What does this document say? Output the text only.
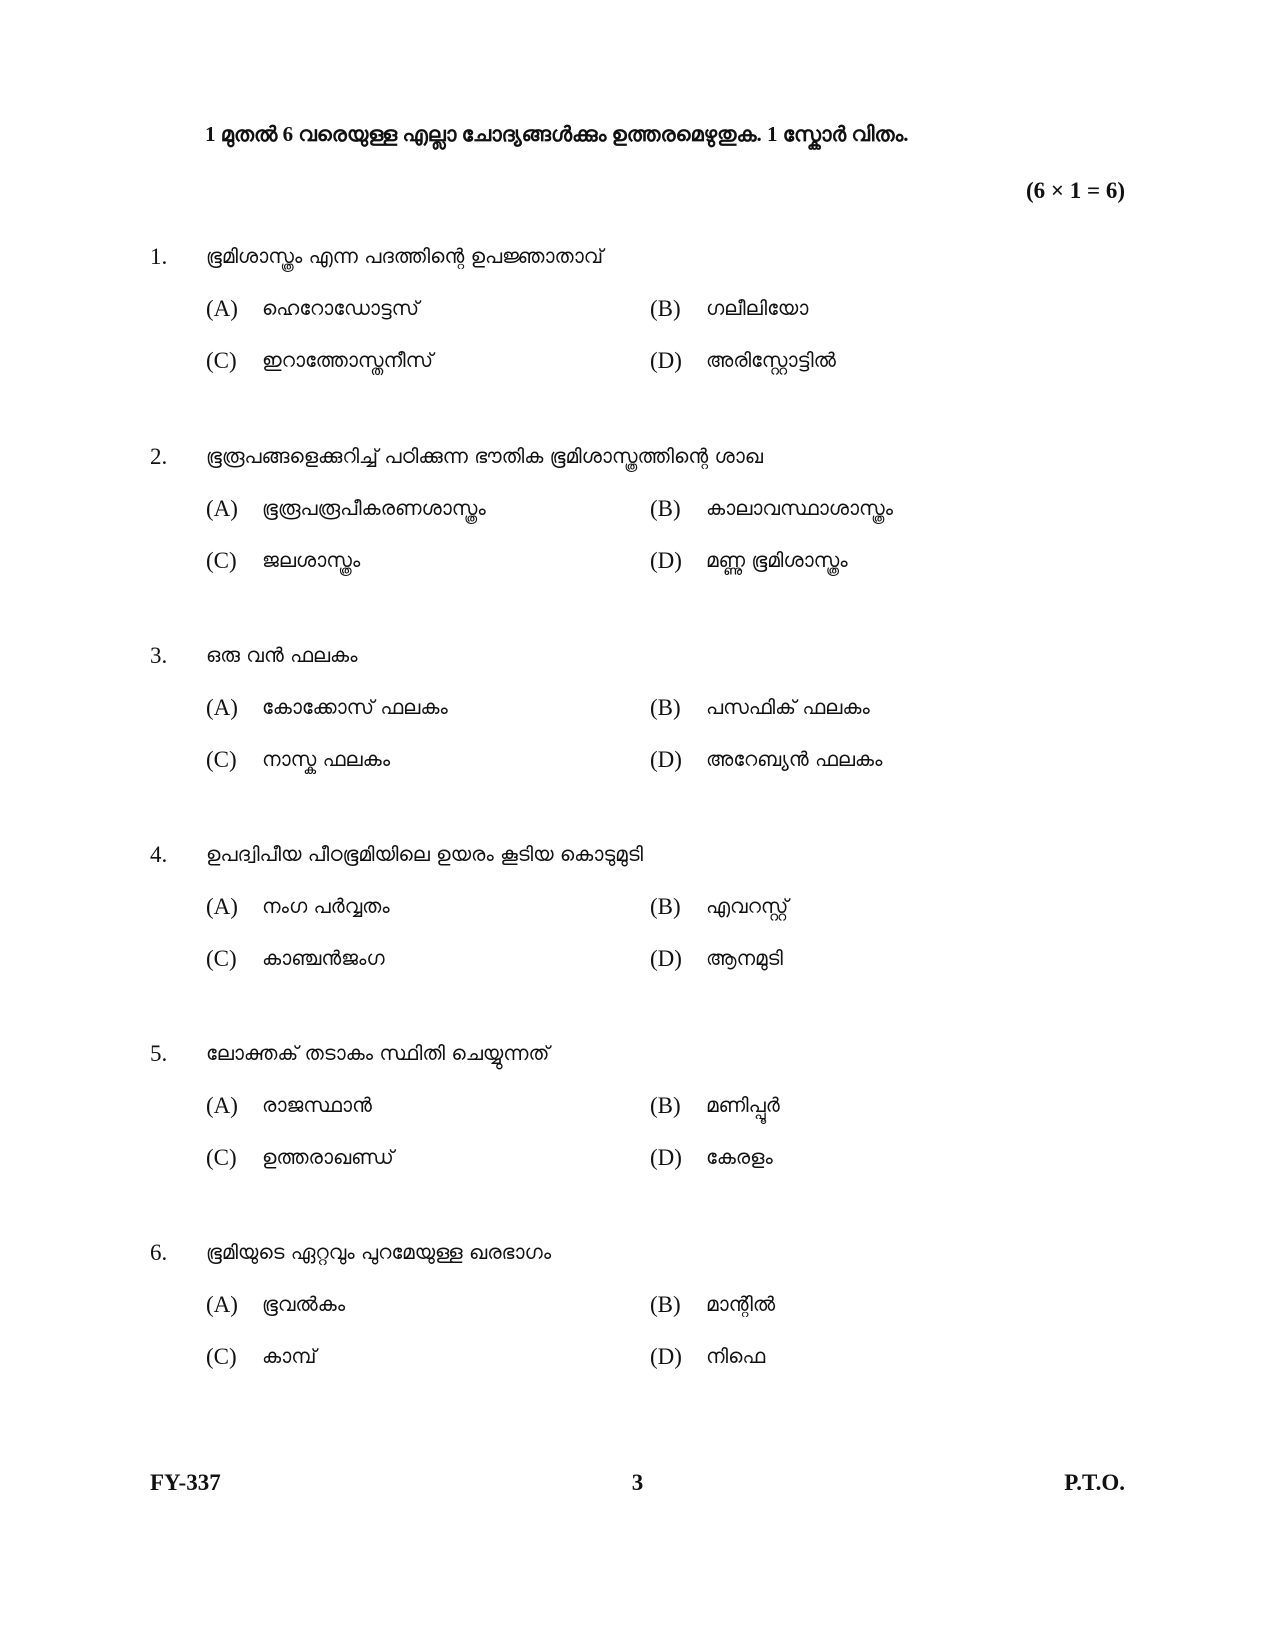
1 മുതൽ 6 വരെയുള്ള എല്ലാ ചോദ്യങ്ങൾക്കും ഉത്തരമെഴുതുക. 1 സ്കോർ വിതം.
(6 × 1 = 6)
1. ഭൂമിശാസ്ത്രം എന്ന പദത്തിന്റെ ഉപജ്ഞാതാവ്
(A) ഹെറോഡോട്ടസ്	(B) ഗലീലിയോ
(C) ഇറാത്തോസ്തനീസ്	(D) അരിസ്റ്റോട്ടിൽ
2. ഭൂരൂപങ്ങളെക്കുറിച്ച് പഠിക്കുന്ന ഭൗതിക ഭൂമിശാസ്ത്രത്തിന്റെ ശാഖ
(A) ഭൂരൂപരൂപീകരണശാസ്ത്രം	(B) കാലാവസ്ഥാശാസ്ത്രം
(C) ജലശാസ്ത്രം	(D) മണ്ണു ഭൂമിശാസ്ത്രം
3. ഒരു വൻ ഫലകം
(A) കോക്കോസ് ഫലകം	(B) പസഫിക് ഫലകം
(C) നാസ്ക ഫലകം	(D) അറേബ്യൻ ഫലകം
4. ഉപദ്വിപീയ പീഠഭൂമിയിലെ ഉയരം കൂടിയ കൊടുമുടി
(A) നംഗ പർവ്വതം	(B) എവറസ്റ്റ്
(C) കാഞ്ചൻജംഗ	(D) ആനമുടി
5. ലോക്തക് തടാകം സ്ഥിതി ചെയ്യുന്നത്
(A) രാജസ്ഥാൻ	(B) മണിപ്പൂർ
(C) ഉത്തരാഖണ്ഡ്	(D) കേരളം
6. ഭൂമിയുടെ ഏറ്റവും പുറമേയുള്ള ഖരഭാഗം
(A) ഭൂവൽകം	(B) മാന്റിൽ
(C) കാമ്പ്	(D) നിഫെ
FY-337	3	P.T.O.
